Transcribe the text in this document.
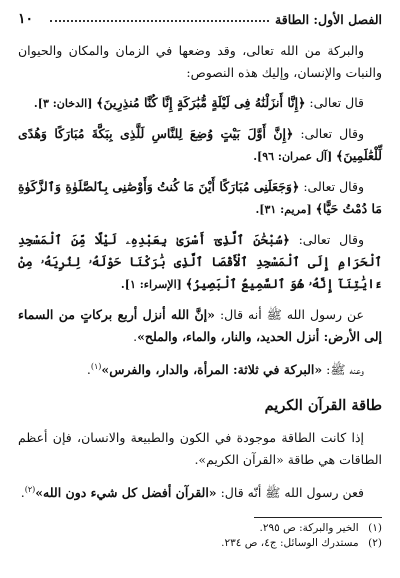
١٠	الفصل الأول: الطاقة

والبركة من الله تعالى، وقد وضعها في الزمان والمكان والحيوان والنبات والإنسان، وإليك هذه النصوص:

قال تعالى: ﴿إِنَّا أَنزَلْنَٰهُ فِى لَيْلَةٍ مُّبَٰرَكَةٍ إِنَّا كُنَّا مُنذِرِينَ﴾ [الدخان: ٣].

وقال تعالى: ﴿إِنَّ أَوَّلَ بَيْتٍ وُضِعَ لِلنَّاسِ لَلَّذِى بِبَكَّةَ مُبَارَكًا وَهُدًى لِّلْعَٰلَمِينَ﴾ [آل عمران: ٩٦].

وقال تعالى: ﴿وَجَعَلَنِى مُبَارَكًا أَيْنَ مَا كُنتُ وَأَوْصَٰنِى بِٱلصَّلَوٰةِ وَٱلزَّكَوٰةِ مَا دُمْتُ حَيًّا﴾ [مريم: ٣١].

وقال تعالى: ﴿سُبْحَٰنَ ٱلَّذِىٓ أَسْرَىٰ بِعَبْدِهِۦ لَيْلًا مِّنَ ٱلْمَسْجِدِ ٱلْحَرَامِ إِلَى ٱلْمَسْجِدِ ٱلْأَقْصَا ٱلَّذِى بَٰرَكْنَا حَوْلَهُۥ لِنُرِيَهُۥ مِنْ ءَايَٰتِنَآ إِنَّهُۥ هُوَ ٱلسَّمِيعُ ٱلْبَصِيرُ﴾ [الإسراء: ١].

عن رسول الله ﷺ أنه قال: «إنَّ الله أنزل أربع بركاتٍ من السماء إلى الأرض: أنزل الحديد، والنار، والماء، والملح».

وعنه ﷺ: «البركة في ثلاثة: المرأة، والدار، والفرس»$^{(١)}$.

طاقة القرآن الكريم

إذا كانت الطاقة موجودة في الكون والطبيعة والانسان، فإن أعظم الطاقات هي طاقة «القرآن الكريم».

فعن رسول الله ﷺ أنّه قال: «القرآن أفضل كل شيء دون الله»$^{(٢)}$.

(١) الخير والبركة: ص ٢٩٥.
(٢) مستدرك الوسائل: ج٤، ص ٢٣٤.
